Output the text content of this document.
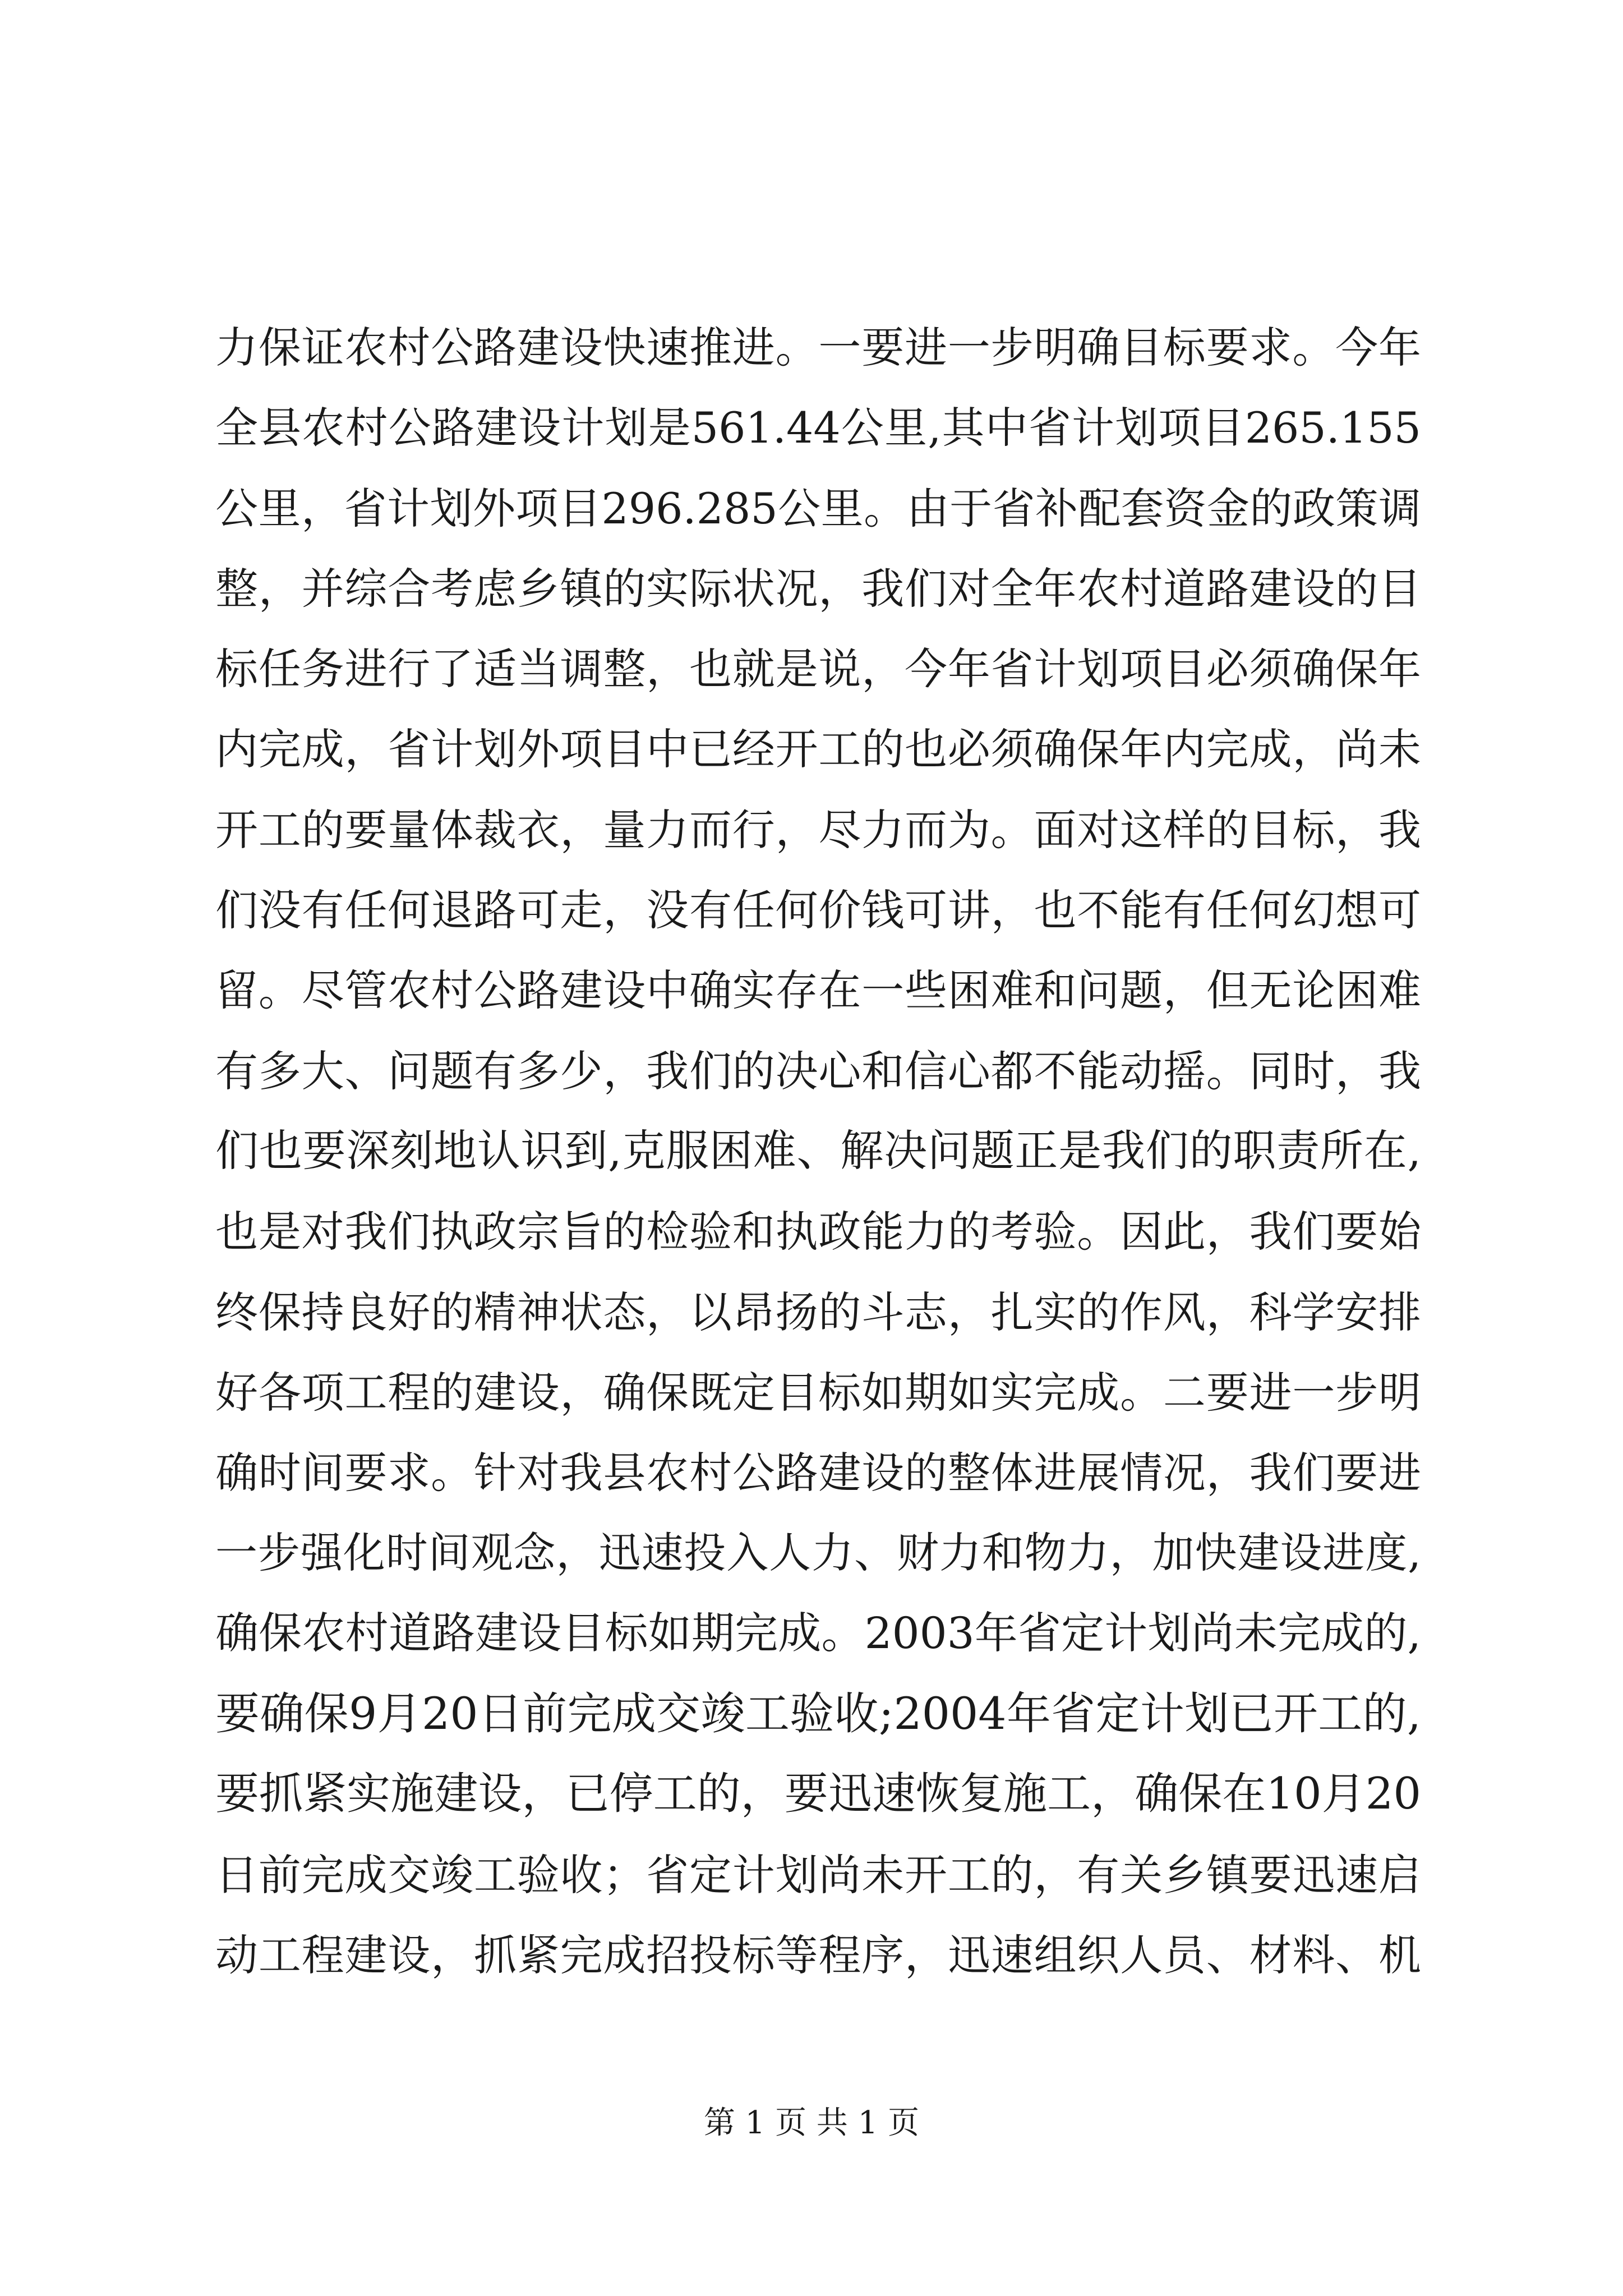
力保证农村公路建设快速推进。一要进一步明确目标要求。今年
全县农村公路建设计划是561.44公里,其中省计划项目265.155
公里，省计划外项目296.285公里。由于省补配套资金的政策调
整，并综合考虑乡镇的实际状况，我们对全年农村道路建设的目
标任务进行了适当调整，也就是说，今年省计划项目必须确保年
内完成，省计划外项目中已经开工的也必须确保年内完成，尚未
开工的要量体裁衣，量力而行，尽力而为。面对这样的目标，我
们没有任何退路可走，没有任何价钱可讲，也不能有任何幻想可
留。尽管农村公路建设中确实存在一些困难和问题，但无论困难
有多大、问题有多少，我们的决心和信心都不能动摇。同时，我
们也要深刻地认识到,克服困难、解决问题正是我们的职责所在,
也是对我们执政宗旨的检验和执政能力的考验。因此，我们要始
终保持良好的精神状态，以昂扬的斗志，扎实的作风，科学安排
好各项工程的建设，确保既定目标如期如实完成。二要进一步明
确时间要求。针对我县农村公路建设的整体进展情况，我们要进
一步强化时间观念，迅速投入人力、财力和物力，加快建设进度,
确保农村道路建设目标如期完成。2003年省定计划尚未完成的,
要确保9月20日前完成交竣工验收;2004年省定计划已开工的,
要抓紧实施建设，已停工的，要迅速恢复施工，确保在10月20
日前完成交竣工验收；省定计划尚未开工的，有关乡镇要迅速启
动工程建设，抓紧完成招投标等程序，迅速组织人员、材料、机
第 1 页 共 1 页
